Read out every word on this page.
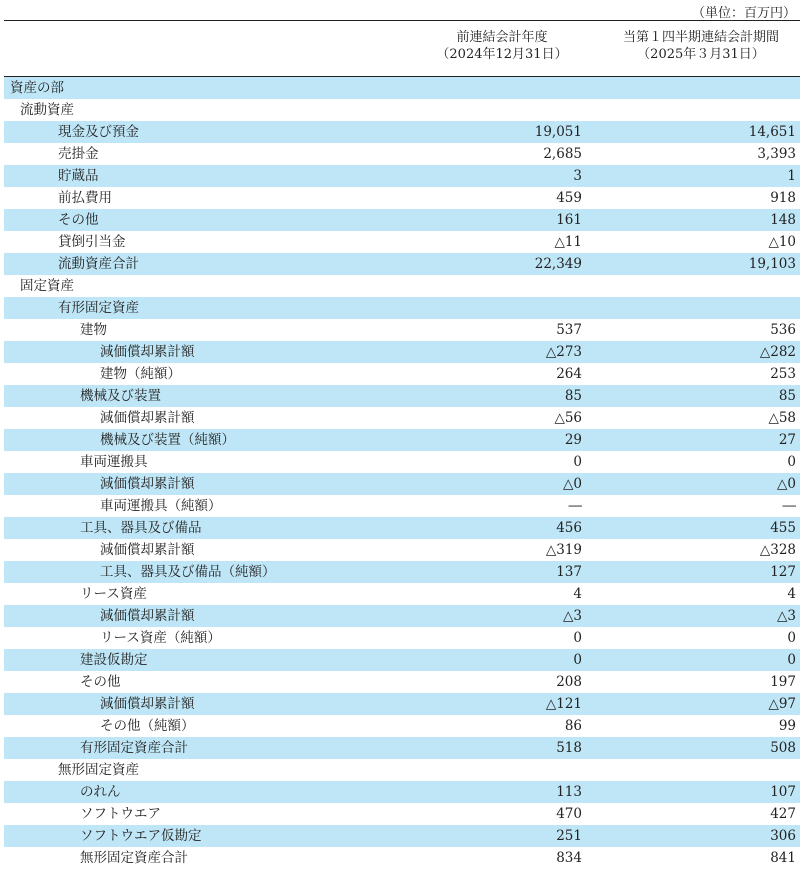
（単位：百万円）
前連結会計年度
（2024年12月31日）
当第１四半期連結会計期間
（2025年３月31日）
資産の部
流動資産
現金及び預金	19,051	14,651
売掛金	2,685	3,393
貯蔵品	3	1
前払費用	459	918
その他	161	148
貸倒引当金	△11	△10
流動資産合計	22,349	19,103
固定資産
有形固定資産
建物	537	536
減価償却累計額	△273	△282
建物（純額）	264	253
機械及び装置	85	85
減価償却累計額	△56	△58
機械及び装置（純額）	29	27
車両運搬具	0	0
減価償却累計額	△0	△0
車両運搬具（純額）	―	―
工具、器具及び備品	456	455
減価償却累計額	△319	△328
工具、器具及び備品（純額）	137	127
リース資産	4	4
減価償却累計額	△3	△3
リース資産（純額）	0	0
建設仮勘定	0	0
その他	208	197
減価償却累計額	△121	△97
その他（純額）	86	99
有形固定資産合計	518	508
無形固定資産
のれん	113	107
ソフトウエア	470	427
ソフトウエア仮勘定	251	306
無形固定資産合計	834	841
